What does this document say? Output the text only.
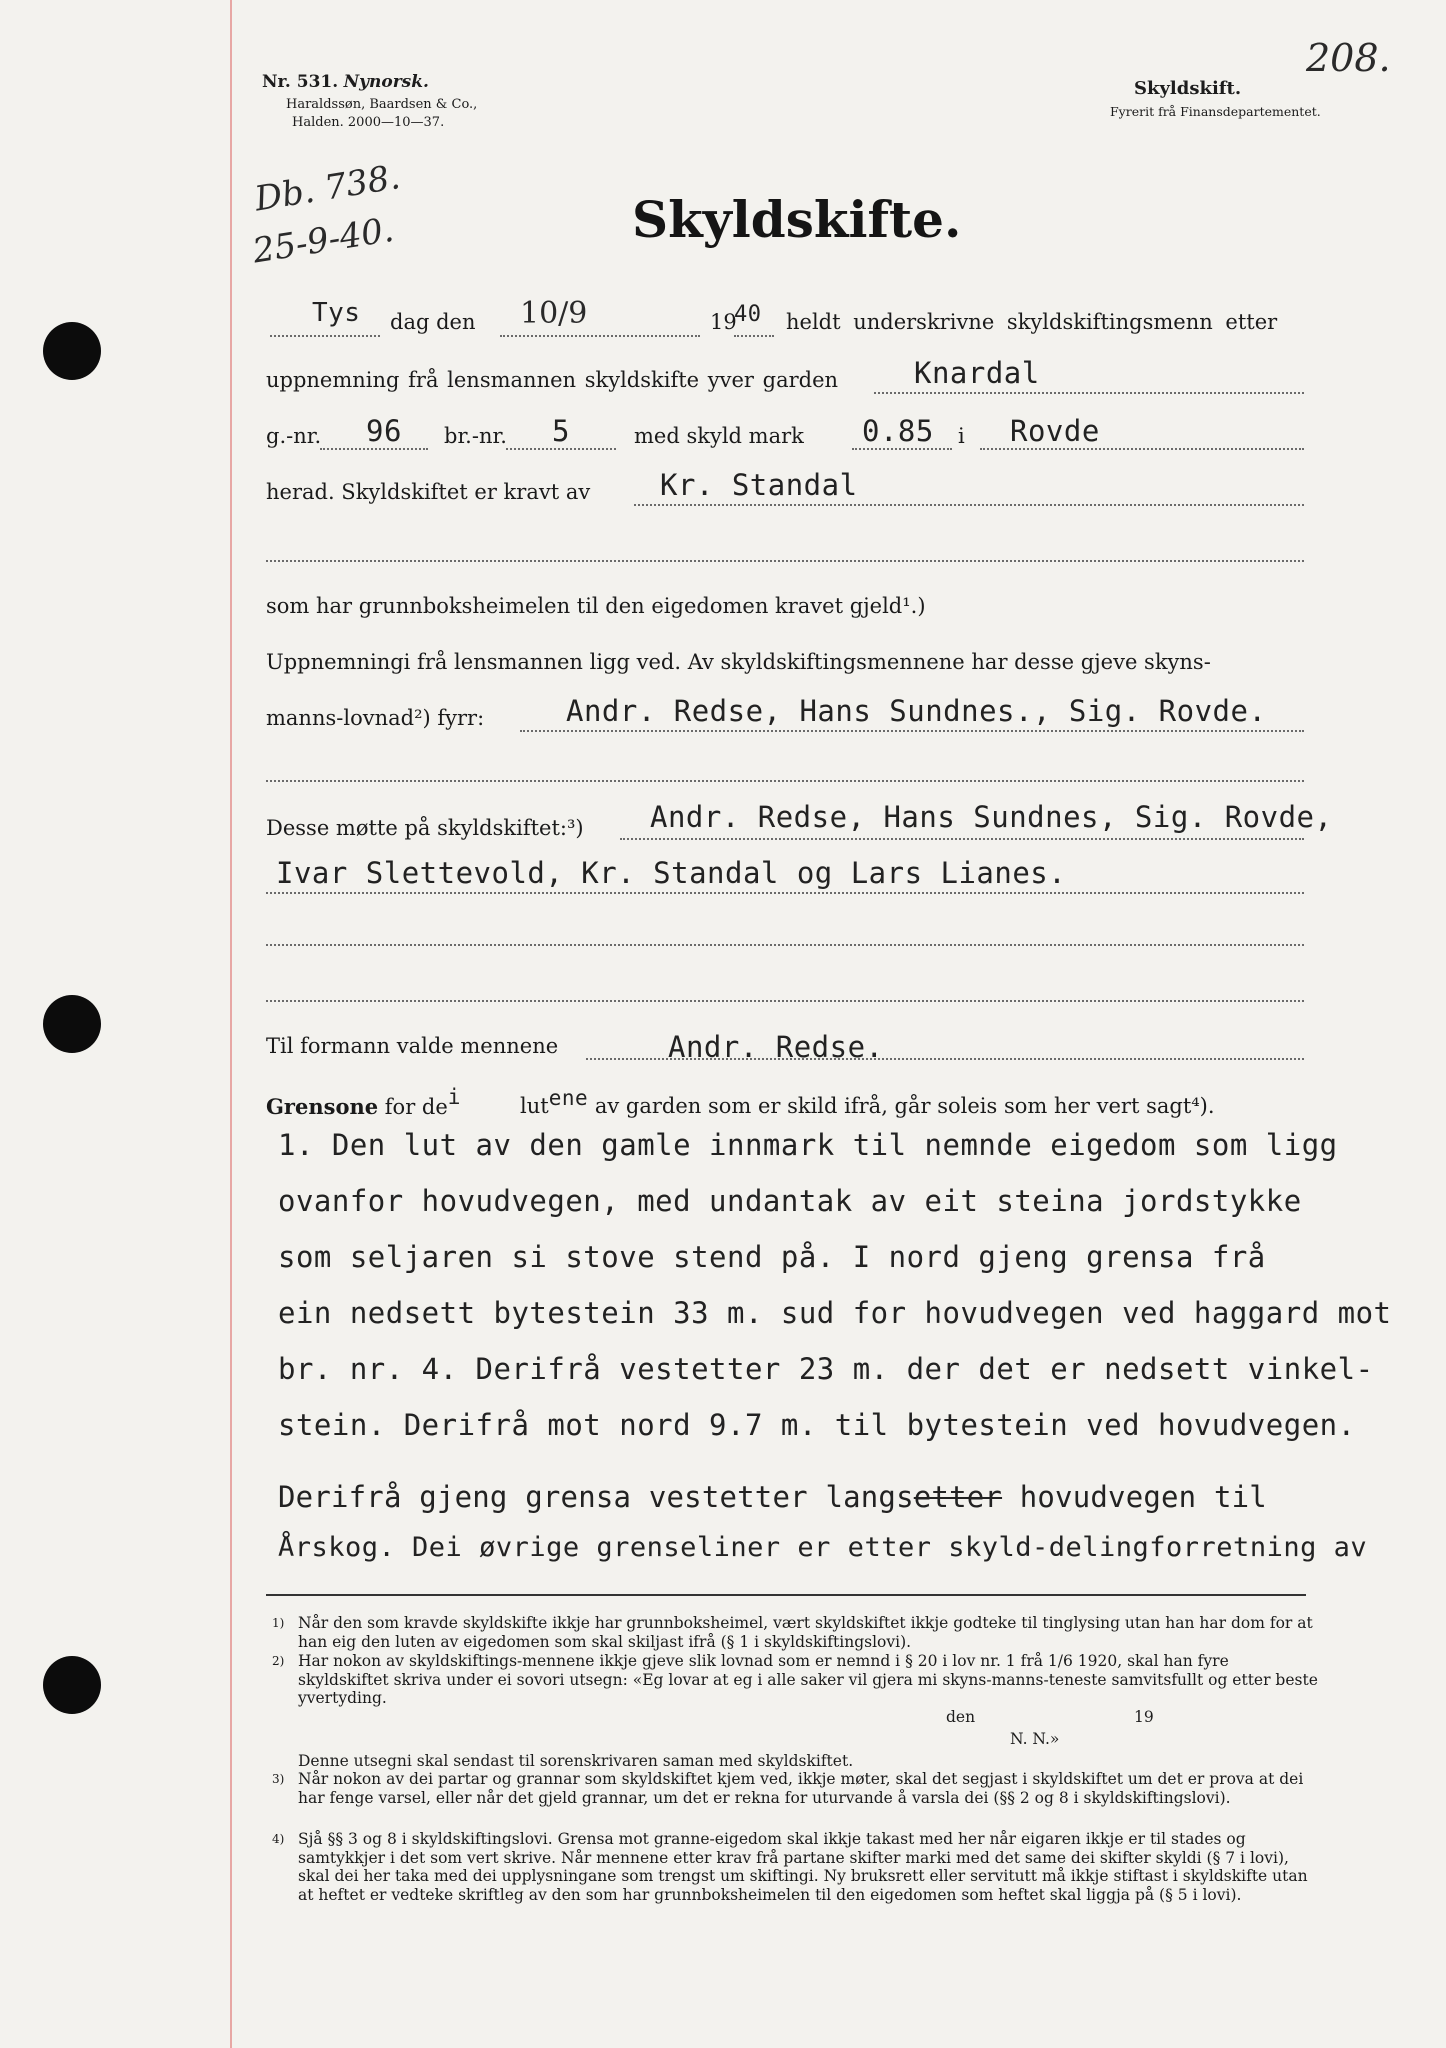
Nr. 531. Nynorsk.
Haraldssøn, Baardsen & Co.,
Halden. 2000—10—37.
Skyldskift.
Fyrerit frå Finansdepartementet.
208.
Db. 738.
25-9-40.	Skyldskifte.
Tys dag den 10/9	19
40 heldt underskrivne skyldskiftingsmenn etter
uppnemning frå lensmannen skyldskifte yver garden	Knardal
g.-nr. 96 br.-nr. 5	med skyld mark 0.85 i Rovde
herad. Skyldskiftet er kravt av Kr. Standal
som har grunnboksheimelen til den eigedomen kravet gjeld¹.)
Uppnemningi frå lensmannen ligg ved. Av skyldskiftingsmennene har desse gjeve skyns-
manns-lovnad²) fyrr:	Andr. Redse, Hans Sundnes., Sig. Rovde.
Desse møtte på skyldskiftet:³) Andr. Redse, Hans Sundnes, Sig. Rovde,
Ivar Slettevold, Kr. Standal og Lars Lianes.
Til formann valde mennene	Andr. Redse.
Grensone for dei	lutene av garden som er skild ifrå, går soleis som her vert sagt⁴).
1. Den lut av den gamle innmark til nemnde eigedom som ligg
ovanfor hovudvegen, med undantak av eit steina jordstykke
som seljaren si stove stend på. I nord gjeng grensa frå
ein nedsett bytestein 33 m. sud for hovudvegen ved haggard mot
br. nr. 4. Derifrå vestetter 23 m. der det er nedsett vinkel-
stein. Derifrå mot nord 9.7 m. til bytestein ved hovudvegen.
Derifrå gjeng grensa vestetter langsetter hovudvegen til
Årskog. Dei øvrige grenseliner er etter skyld-delingforretning av
1) Når den som kravde skyldskifte ikkje har grunnboksheimel, vært skyldskiftet ikkje godteke til tinglysing utan han har dom for at han eig den luten av eigedomen som skal skiljast ifrå (§ 1 i skyldskiftingslovi).
2) Har nokon av skyldskiftings-mennene ikkje gjeve slik lovnad som er nemnd i § 20 i lov nr. 1 frå 1/6 1920, skal han fyre skyldskiftet skriva under ei sovori utsegn: «Eg lovar at eg i alle saker vil gjera mi skyns-manns-teneste samvitsfullt og etter beste yvertyding.
den	19
N. N.»
Denne utsegni skal sendast til sorenskrivaren saman med skyldskiftet.
3) Når nokon av dei partar og grannar som skyldskiftet kjem ved, ikkje møter, skal det segjast i skyldskiftet um det er prova at dei har fenge varsel, eller når det gjeld grannar, um det er rekna for uturvande å varsla dei (§§ 2 og 8 i skyldskiftingslovi).
4) Sjå §§ 3 og 8 i skyldskiftingslovi. Grensa mot granne-eigedom skal ikkje takast med her når eigaren ikkje er til stades og samtykkjer i det som vert skrive. Når mennene etter krav frå partane skifter marki med det same dei skifter skyldi (§ 7 i lovi), skal dei her taka med dei upplysningane som trengst um skiftingi. Ny bruksrett eller servitutt må ikkje stiftast i skyldskifte utan at heftet er vedteke skriftleg av den som har grunnboksheimelen til den eigedomen som heftet skal liggja på (§ 5 i lovi).
